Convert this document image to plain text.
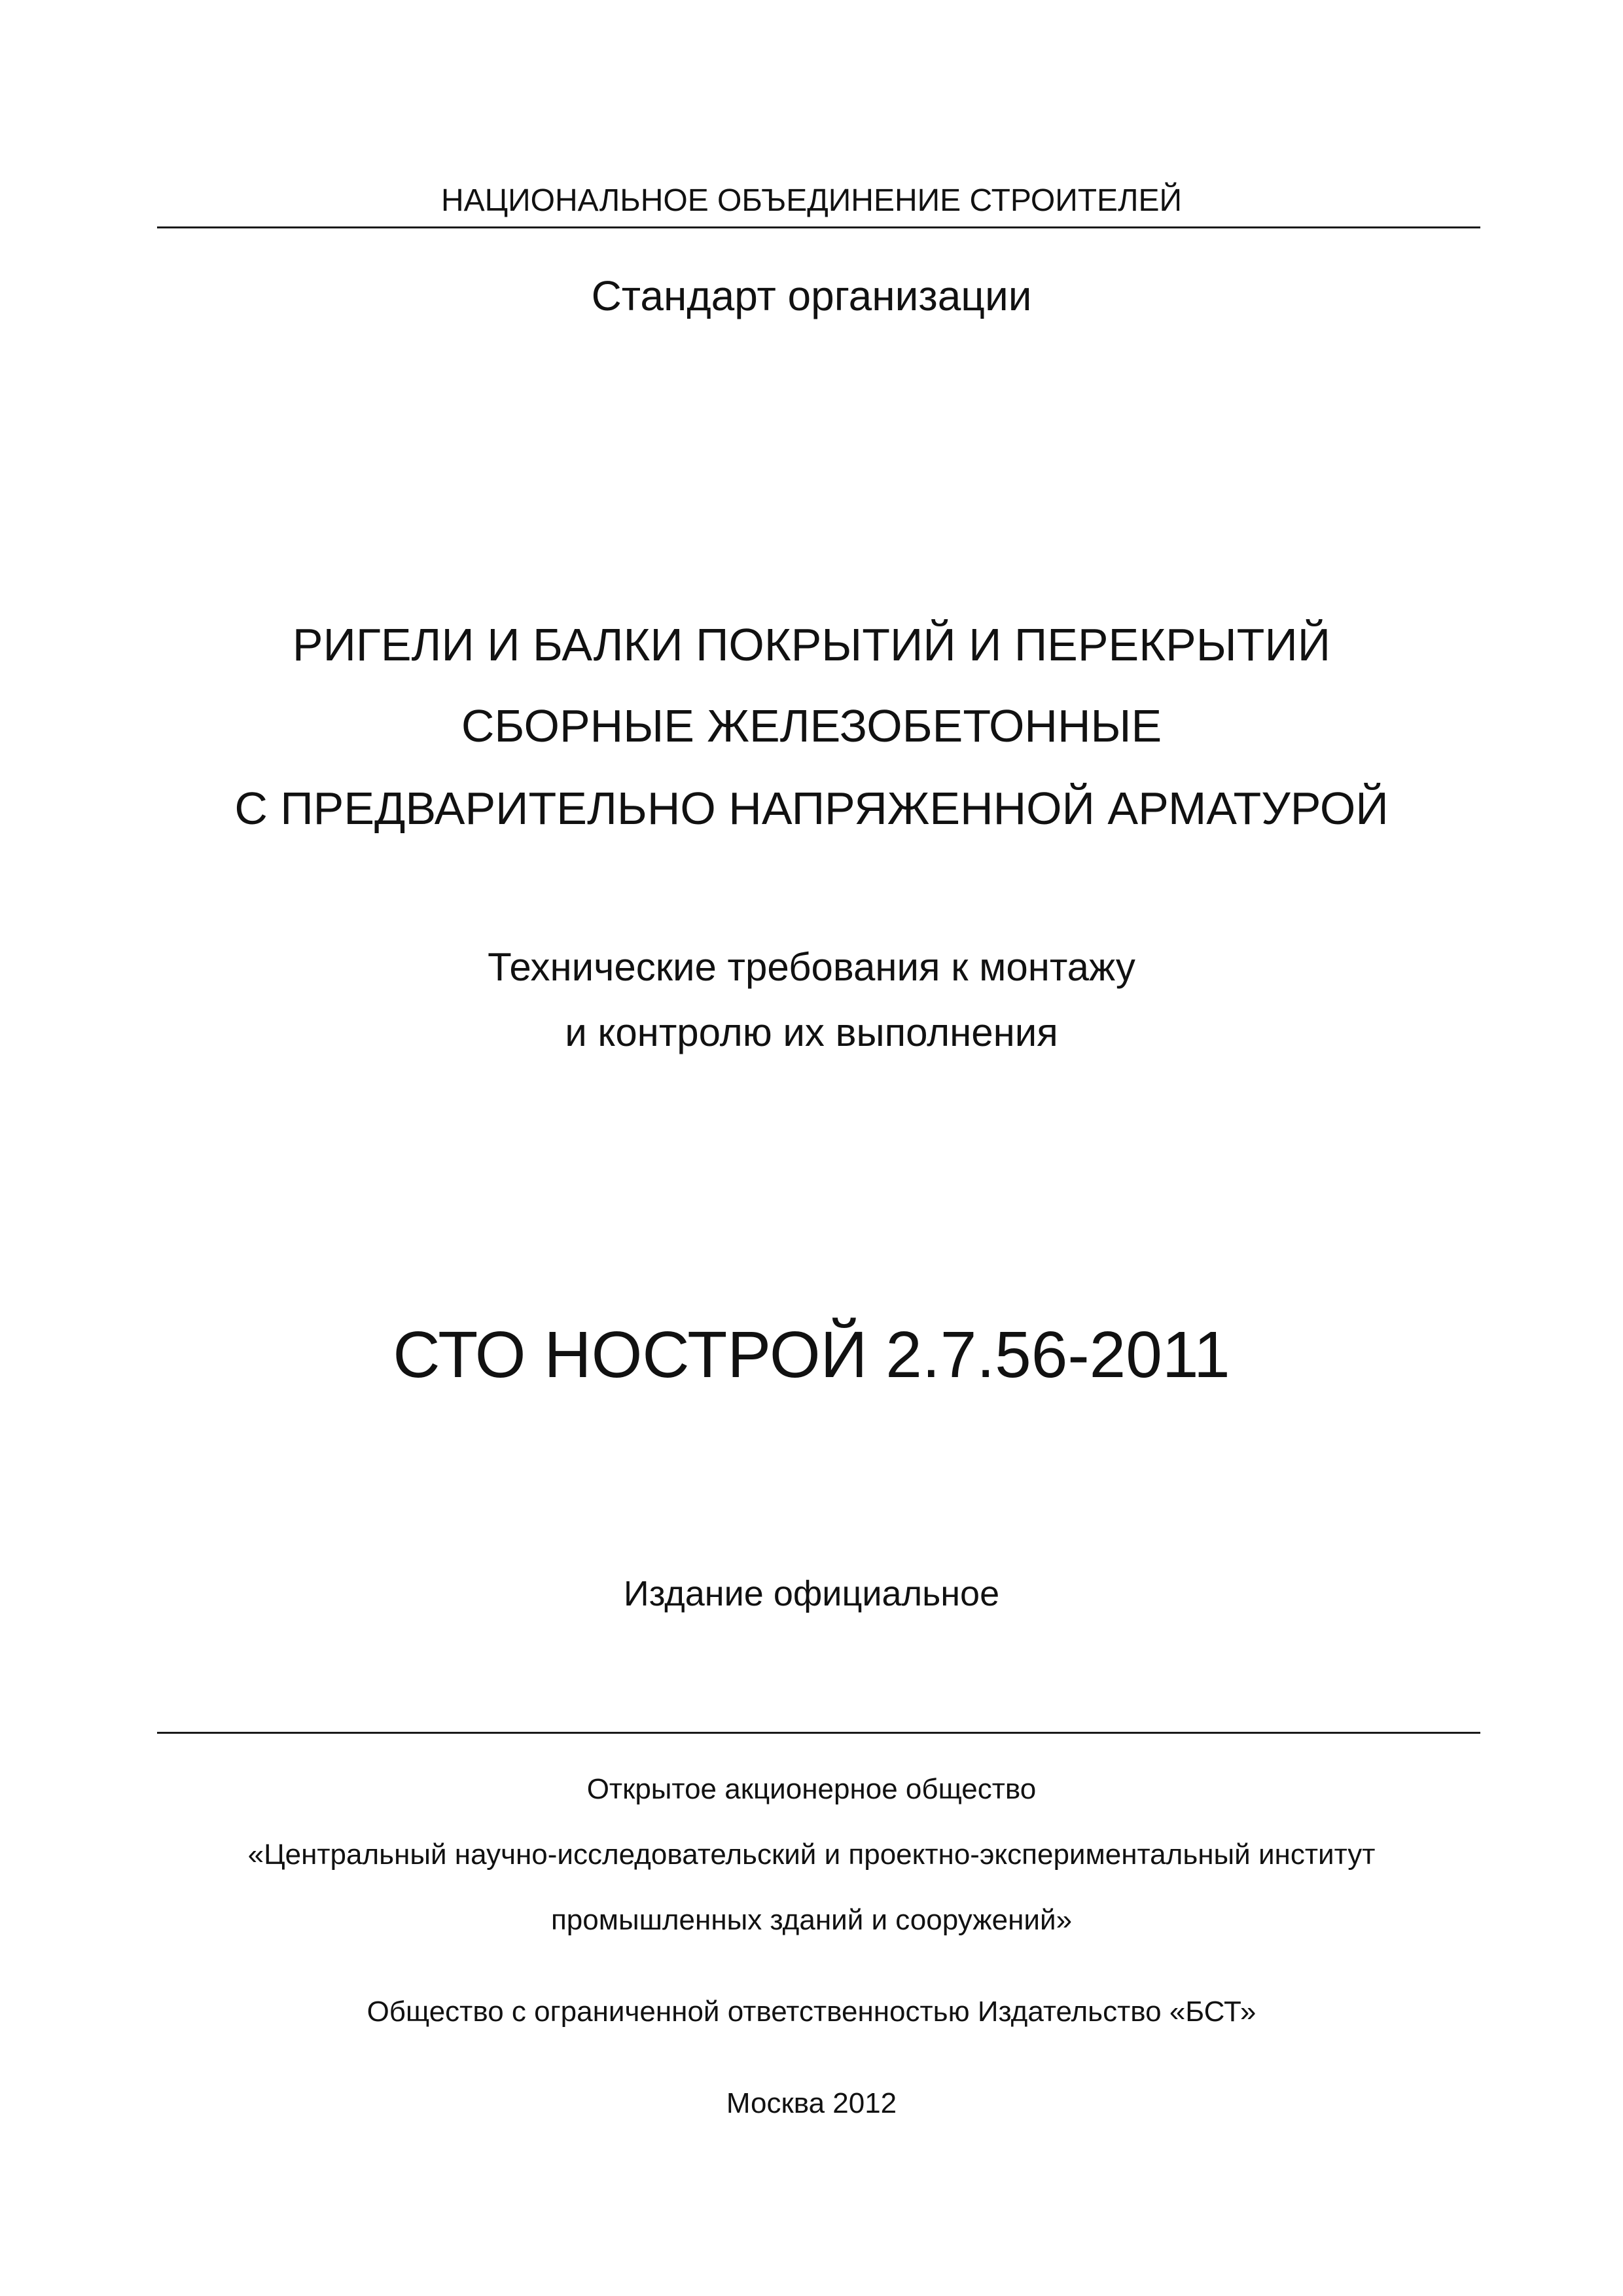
НАЦИОНАЛЬНОЕ ОБЪЕДИНЕНИЕ СТРОИТЕЛЕЙ
Стандарт организации
РИГЕЛИ И БАЛКИ ПОКРЫТИЙ И ПЕРЕКРЫТИЙ
СБОРНЫЕ ЖЕЛЕЗОБЕТОННЫЕ
С ПРЕДВАРИТЕЛЬНО НАПРЯЖЕННОЙ АРМАТУРОЙ
Технические требования к монтажу
и контролю их выполнения
СТО НОСТРОЙ 2.7.56-2011
Издание официальное
Открытое акционерное общество
«Центральный научно-исследовательский и проектно-экспериментальный институт
промышленных зданий и сооружений»
Общество с ограниченной ответственностью Издательство «БСТ»
Москва 2012
